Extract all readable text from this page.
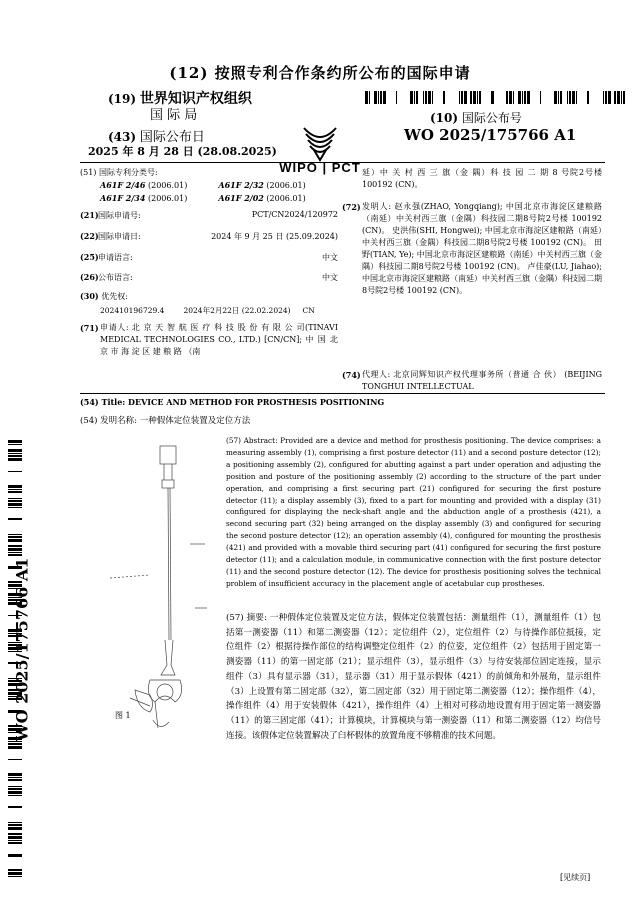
(12) 按照专利合作条约所公布的国际申请
(19) 世界知识产权组织
国 际 局
(43) 国际公布日
2025 年 8 月 28 日 (28.08.2025)
WIPO | PCT
(10) 国际公布号
WO 2025/175766 A1
(51) 国际专利分类号:
A61F 2/46 (2006.01)	A61F 2/32 (2006.01)
A61F 2/34 (2006.01)	A61F 2/02 (2006.01)
(21) 国际申请号:	PCT/CN2024/120972
(22) 国际申请日:	2024 年 9 月 25 日 (25.09.2024)
(25) 申请语言:	中文
(26) 公布语言:	中文
(30) 优先权:
202410196729.4        2024年2月22日 (22.02.2024)     CN
(71) 申请人: 北 京 天 智 航 医 疗 科 技 股 份 有 限 公 司(TINAVI MEDICAL TECHNOLOGIES CO., LTD.) [CN/CN]; 中 国 北 京 市 海 淀 区 建 粮 路 （南
延）中 关 村 西 三 旗（金 隅）科 技 园 二 期 8 号院2号楼 100192 (CN)。
(72) 发明人: 赵永强(ZHAO, Yongqiang); 中国北京市海淀区建粮路（南延）中关村西三旗（金隅）科技园二期8号院2号楼 100192 (CN)。 史洪伟(SHI, Hongwei); 中国北京市海淀区建粮路（南延）中关村西三旗（金隅）科技园二期8号院2号楼 100192 (CN)。 田野(TIAN, Ye); 中国北京市海淀区建粮路（南延）中关村西三旗（金隅）科技园二期8号院2号楼 100192 (CN)。 卢佳豪(LU, Jiahao); 中国北京市海淀区建粮路（南延）中关村西三旗（金隅）科技园二期8号院2号楼 100192 (CN)。
(74) 代理人: 北京同辉知识产权代理事务所（普通 合 伙） (BEIJING TONGHUI INTELLECTUAL
(54) Title: DEVICE AND METHOD FOR PROSTHESIS POSITIONING
(54) 发明名称: 一种假体定位装置及定位方法
WO 2025/175766 A1	图 1
(57) Abstract: Provided are a device and method for prosthesis positioning. The device comprises: a measuring assembly (1), comprising a first posture detector (11) and a second posture detector (12); a positioning assembly (2), configured for abutting against a part under operation and adjusting the position and posture of the positioning assembly (2) according to the structure of the part under operation, and comprising a first securing part (21) configured for securing the first posture detector (11); a display assembly (3), fixed to a part for mounting and provided with a display (31) configured for displaying the neck-shaft angle and the abduction angle of a prosthesis (421), a second securing part (32) being arranged on the display assembly (3) and configured for securing the second posture detector (12); an operation assembly (4), configured for mounting the prosthesis (421) and provided with a movable third securing part (41) configured for securing the first posture detector (11); and a calculation module, in communicative connection with the first posture detector (11) and the second posture detector (12). The device for prosthesis positioning solves the technical problem of insufficient accuracy in the placement angle of acetabular cup prostheses.
(57) 摘要: 一种假体定位装置及定位方法，假体定位装置包括：测量组件（1），测量组件（1）包括第一测姿器（11）和第二测姿器（12）；定位组件（2），定位组件（2）与待操作部位抵接，定位组件（2）根据待操作部位的结构调整定位组件（2）的位姿，定位组件（2）包括用于固定第一测姿器（11）的第一固定部（21）；显示组件（3），显示组件（3）与待安装部位固定连接，显示组件（3）具有显示器（31），显示器（31）用于显示假体（421）的前倾角和外展角，显示组件（3）上设置有第二固定部（32），第二固定部（32）用于固定第二测姿器（12）；操作组件（4），操作组件（4）用于安装假体（421），操作组件（4）上相对可移动地设置有用于固定第一测姿器（11）的第三固定部（41）；计算模块，计算模块与第一测姿器（11）和第二测姿器（12）均信号连接。该假体定位装置解决了臼杯假体的放置角度不够精准的技术问题。
[见续页]
